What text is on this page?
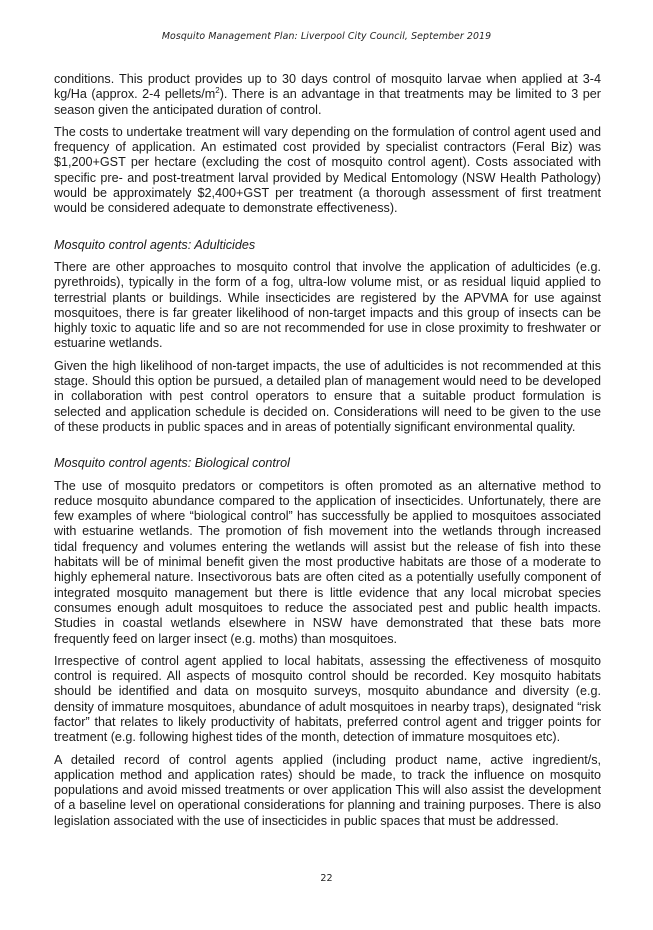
Mosquito Management Plan: Liverpool City Council, September 2019

conditions. This product provides up to 30 days control of mosquito larvae when applied at 3-4 kg/Ha (approx. 2-4 pellets/$m^2$). There is an advantage in that treatments may be limited to 3 per season given the anticipated duration of control.

The costs to undertake treatment will vary depending on the formulation of control agent used and frequency of application. An estimated cost provided by specialist contractors (Feral Biz) was $1,200+GST per hectare (excluding the cost of mosquito control agent). Costs associated with specific pre- and post-treatment larval provided by Medical Entomology (NSW Health Pathology) would be approximately $2,400+GST per treatment (a thorough assessment of first treatment would be considered adequate to demonstrate effectiveness).

Mosquito control agents: Adulticides

There are other approaches to mosquito control that involve the application of adulticides (e.g. pyrethroids), typically in the form of a fog, ultra-low volume mist, or as residual liquid applied to terrestrial plants or buildings. While insecticides are registered by the APVMA for use against mosquitoes, there is far greater likelihood of non-target impacts and this group of insects can be highly toxic to aquatic life and so are not recommended for use in close proximity to freshwater or estuarine wetlands.

Given the high likelihood of non-target impacts, the use of adulticides is not recommended at this stage. Should this option be pursued, a detailed plan of management would need to be developed in collaboration with pest control operators to ensure that a suitable product formulation is selected and application schedule is decided on. Considerations will need to be given to the use of these products in public spaces and in areas of potentially significant environmental quality.

Mosquito control agents: Biological control

The use of mosquito predators or competitors is often promoted as an alternative method to reduce mosquito abundance compared to the application of insecticides. Unfortunately, there are few examples of where “biological control” has successfully be applied to mosquitoes associated with estuarine wetlands. The promotion of fish movement into the wetlands through increased tidal frequency and volumes entering the wetlands will assist but the release of fish into these habitats will be of minimal benefit given the most productive habitats are those of a moderate to highly ephemeral nature. Insectivorous bats are often cited as a potentially usefully component of integrated mosquito management but there is little evidence that any local microbat species consumes enough adult mosquitoes to reduce the associated pest and public health impacts. Studies in coastal wetlands elsewhere in NSW have demonstrated that these bats more frequently feed on larger insect (e.g. moths) than mosquitoes.

Irrespective of control agent applied to local habitats, assessing the effectiveness of mosquito control is required. All aspects of mosquito control should be recorded. Key mosquito habitats should be identified and data on mosquito surveys, mosquito abundance and diversity (e.g. density of immature mosquitoes, abundance of adult mosquitoes in nearby traps), designated “risk factor” that relates to likely productivity of habitats, preferred control agent and trigger points for treatment (e.g. following highest tides of the month, detection of immature mosquitoes etc).

A detailed record of control agents applied (including product name, active ingredient/s, application method and application rates) should be made, to track the influence on mosquito populations and avoid missed treatments or over application This will also assist the development of a baseline level on operational considerations for planning and training purposes. There is also legislation associated with the use of insecticides in public spaces that must be addressed.

22
